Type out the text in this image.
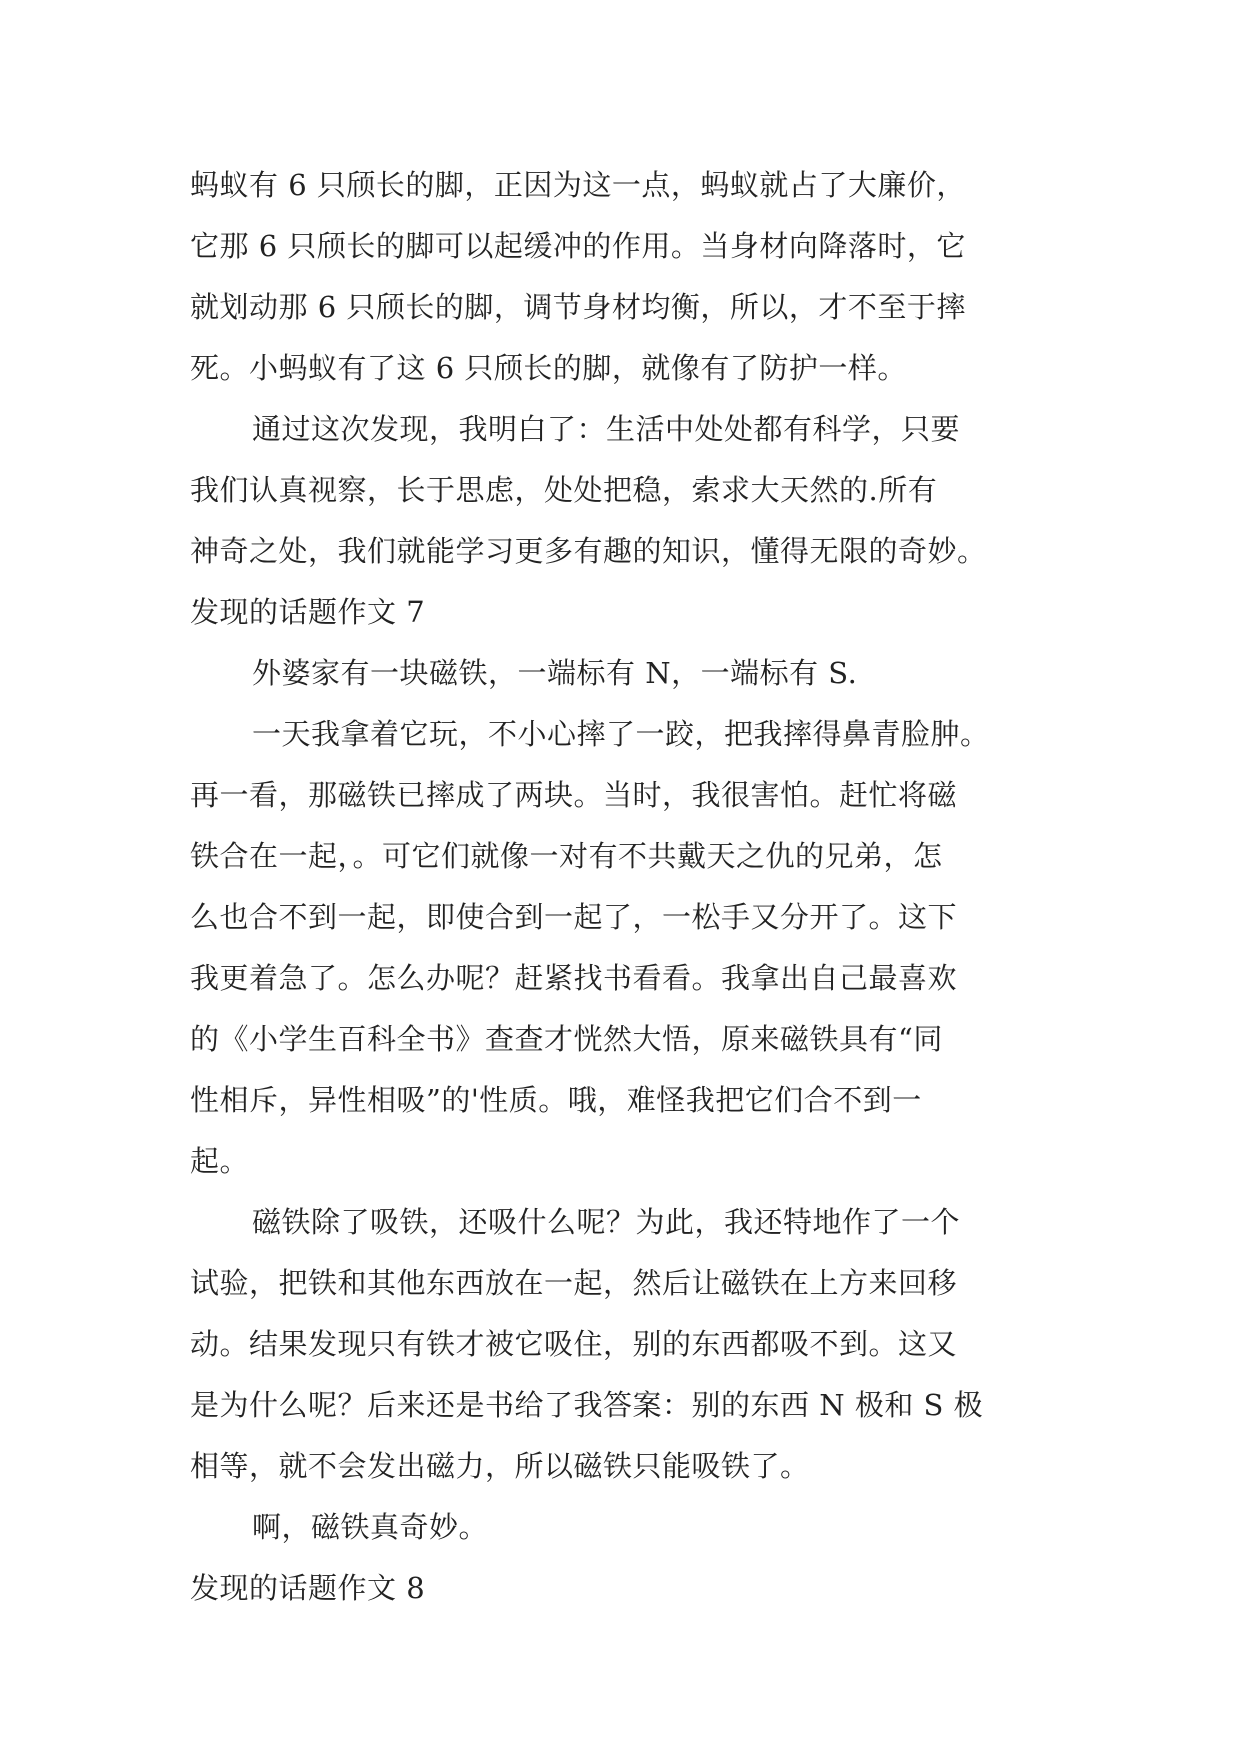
蚂蚁有 6 只颀长的脚，正因为这一点，蚂蚁就占了大廉价，
它那 6 只颀长的脚可以起缓冲的作用。当身材向降落时，它
就划动那 6 只颀长的脚，调节身材均衡，所以，才不至于摔
死。小蚂蚁有了这 6 只颀长的脚，就像有了防护一样。
通过这次发现，我明白了：生活中处处都有科学，只要
我们认真视察，长于思虑，处处把稳，索求大天然的.所有
神奇之处，我们就能学习更多有趣的知识，懂得无限的奇妙。
发现的话题作文 7
外婆家有一块磁铁，一端标有 N，一端标有 S.
一天我拿着它玩，不小心摔了一跤，把我摔得鼻青脸肿。
再一看，那磁铁已摔成了两块。当时，我很害怕。赶忙将磁
铁合在一起，。可它们就像一对有不共戴天之仇的兄弟，怎
么也合不到一起，即使合到一起了，一松手又分开了。这下
我更着急了。怎么办呢？赶紧找书看看。我拿出自己最喜欢
的《小学生百科全书》查查才恍然大悟，原来磁铁具有“同
性相斥，异性相吸”的'性质。哦，难怪我把它们合不到一
起。
磁铁除了吸铁，还吸什么呢？为此，我还特地作了一个
试验，把铁和其他东西放在一起，然后让磁铁在上方来回移
动。结果发现只有铁才被它吸住，别的东西都吸不到。这又
是为什么呢？后来还是书给了我答案：别的东西 N 极和 S 极
相等，就不会发出磁力，所以磁铁只能吸铁了。
啊，磁铁真奇妙。
发现的话题作文 8
